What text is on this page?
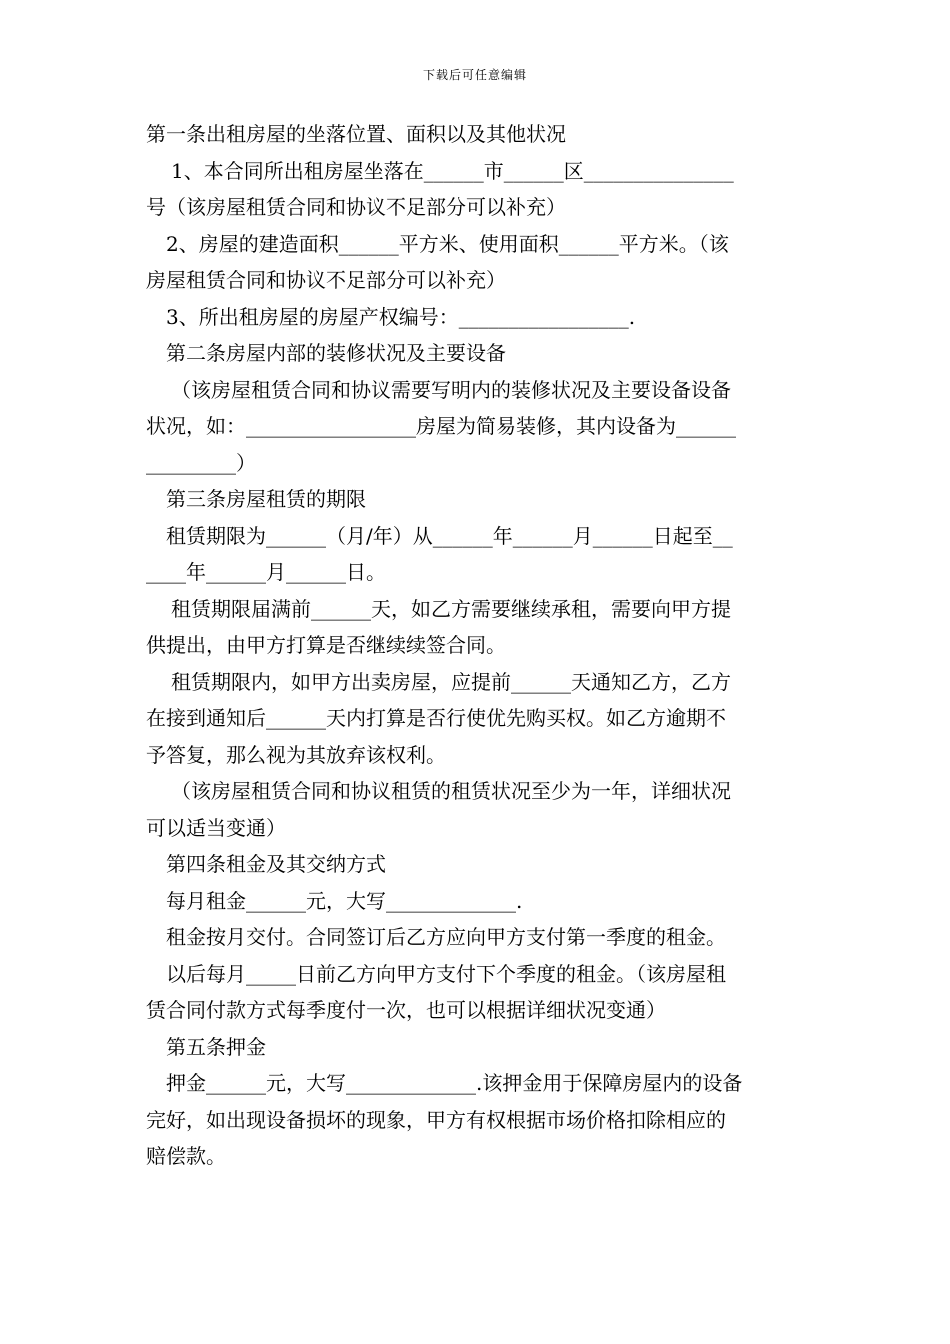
下载后可任意编辑
第一条出租房屋的坐落位置、面积以及其他状况
1、本合同所出租房屋坐落在______市______区_______________
号（该房屋租赁合同和协议不足部分可以补充）
2、房屋的建造面积______平方米、使用面积______平方米。（该
房屋租赁合同和协议不足部分可以补充）
3、所出租房屋的房屋产权编号：_________________.
第二条房屋内部的装修状况及主要设备
（该房屋租赁合同和协议需要写明内的装修状况及主要设备设备
状况，如：_________________房屋为简易装修，其内设备为______
_________）
第三条房屋租赁的期限
租赁期限为______（月/年）从______年______月______日起至__
____年______月______日。
租赁期限届满前______天，如乙方需要继续承租，需要向甲方提
供提出，由甲方打算是否继续续签合同。
租赁期限内，如甲方出卖房屋，应提前______天通知乙方，乙方
在接到通知后______天内打算是否行使优先购买权。如乙方逾期不
予答复，那么视为其放弃该权利。
（该房屋租赁合同和协议租赁的租赁状况至少为一年，详细状况
可以适当变通）
第四条租金及其交纳方式
每月租金______元，大写_____________.
租金按月交付。合同签订后乙方应向甲方支付第一季度的租金。
以后每月_____日前乙方向甲方支付下个季度的租金。（该房屋租
赁合同付款方式每季度付一次，也可以根据详细状况变通）
第五条押金
押金______元，大写_____________.该押金用于保障房屋内的设备
完好，如出现设备损坏的现象，甲方有权根据市场价格扣除相应的
赔偿款。
